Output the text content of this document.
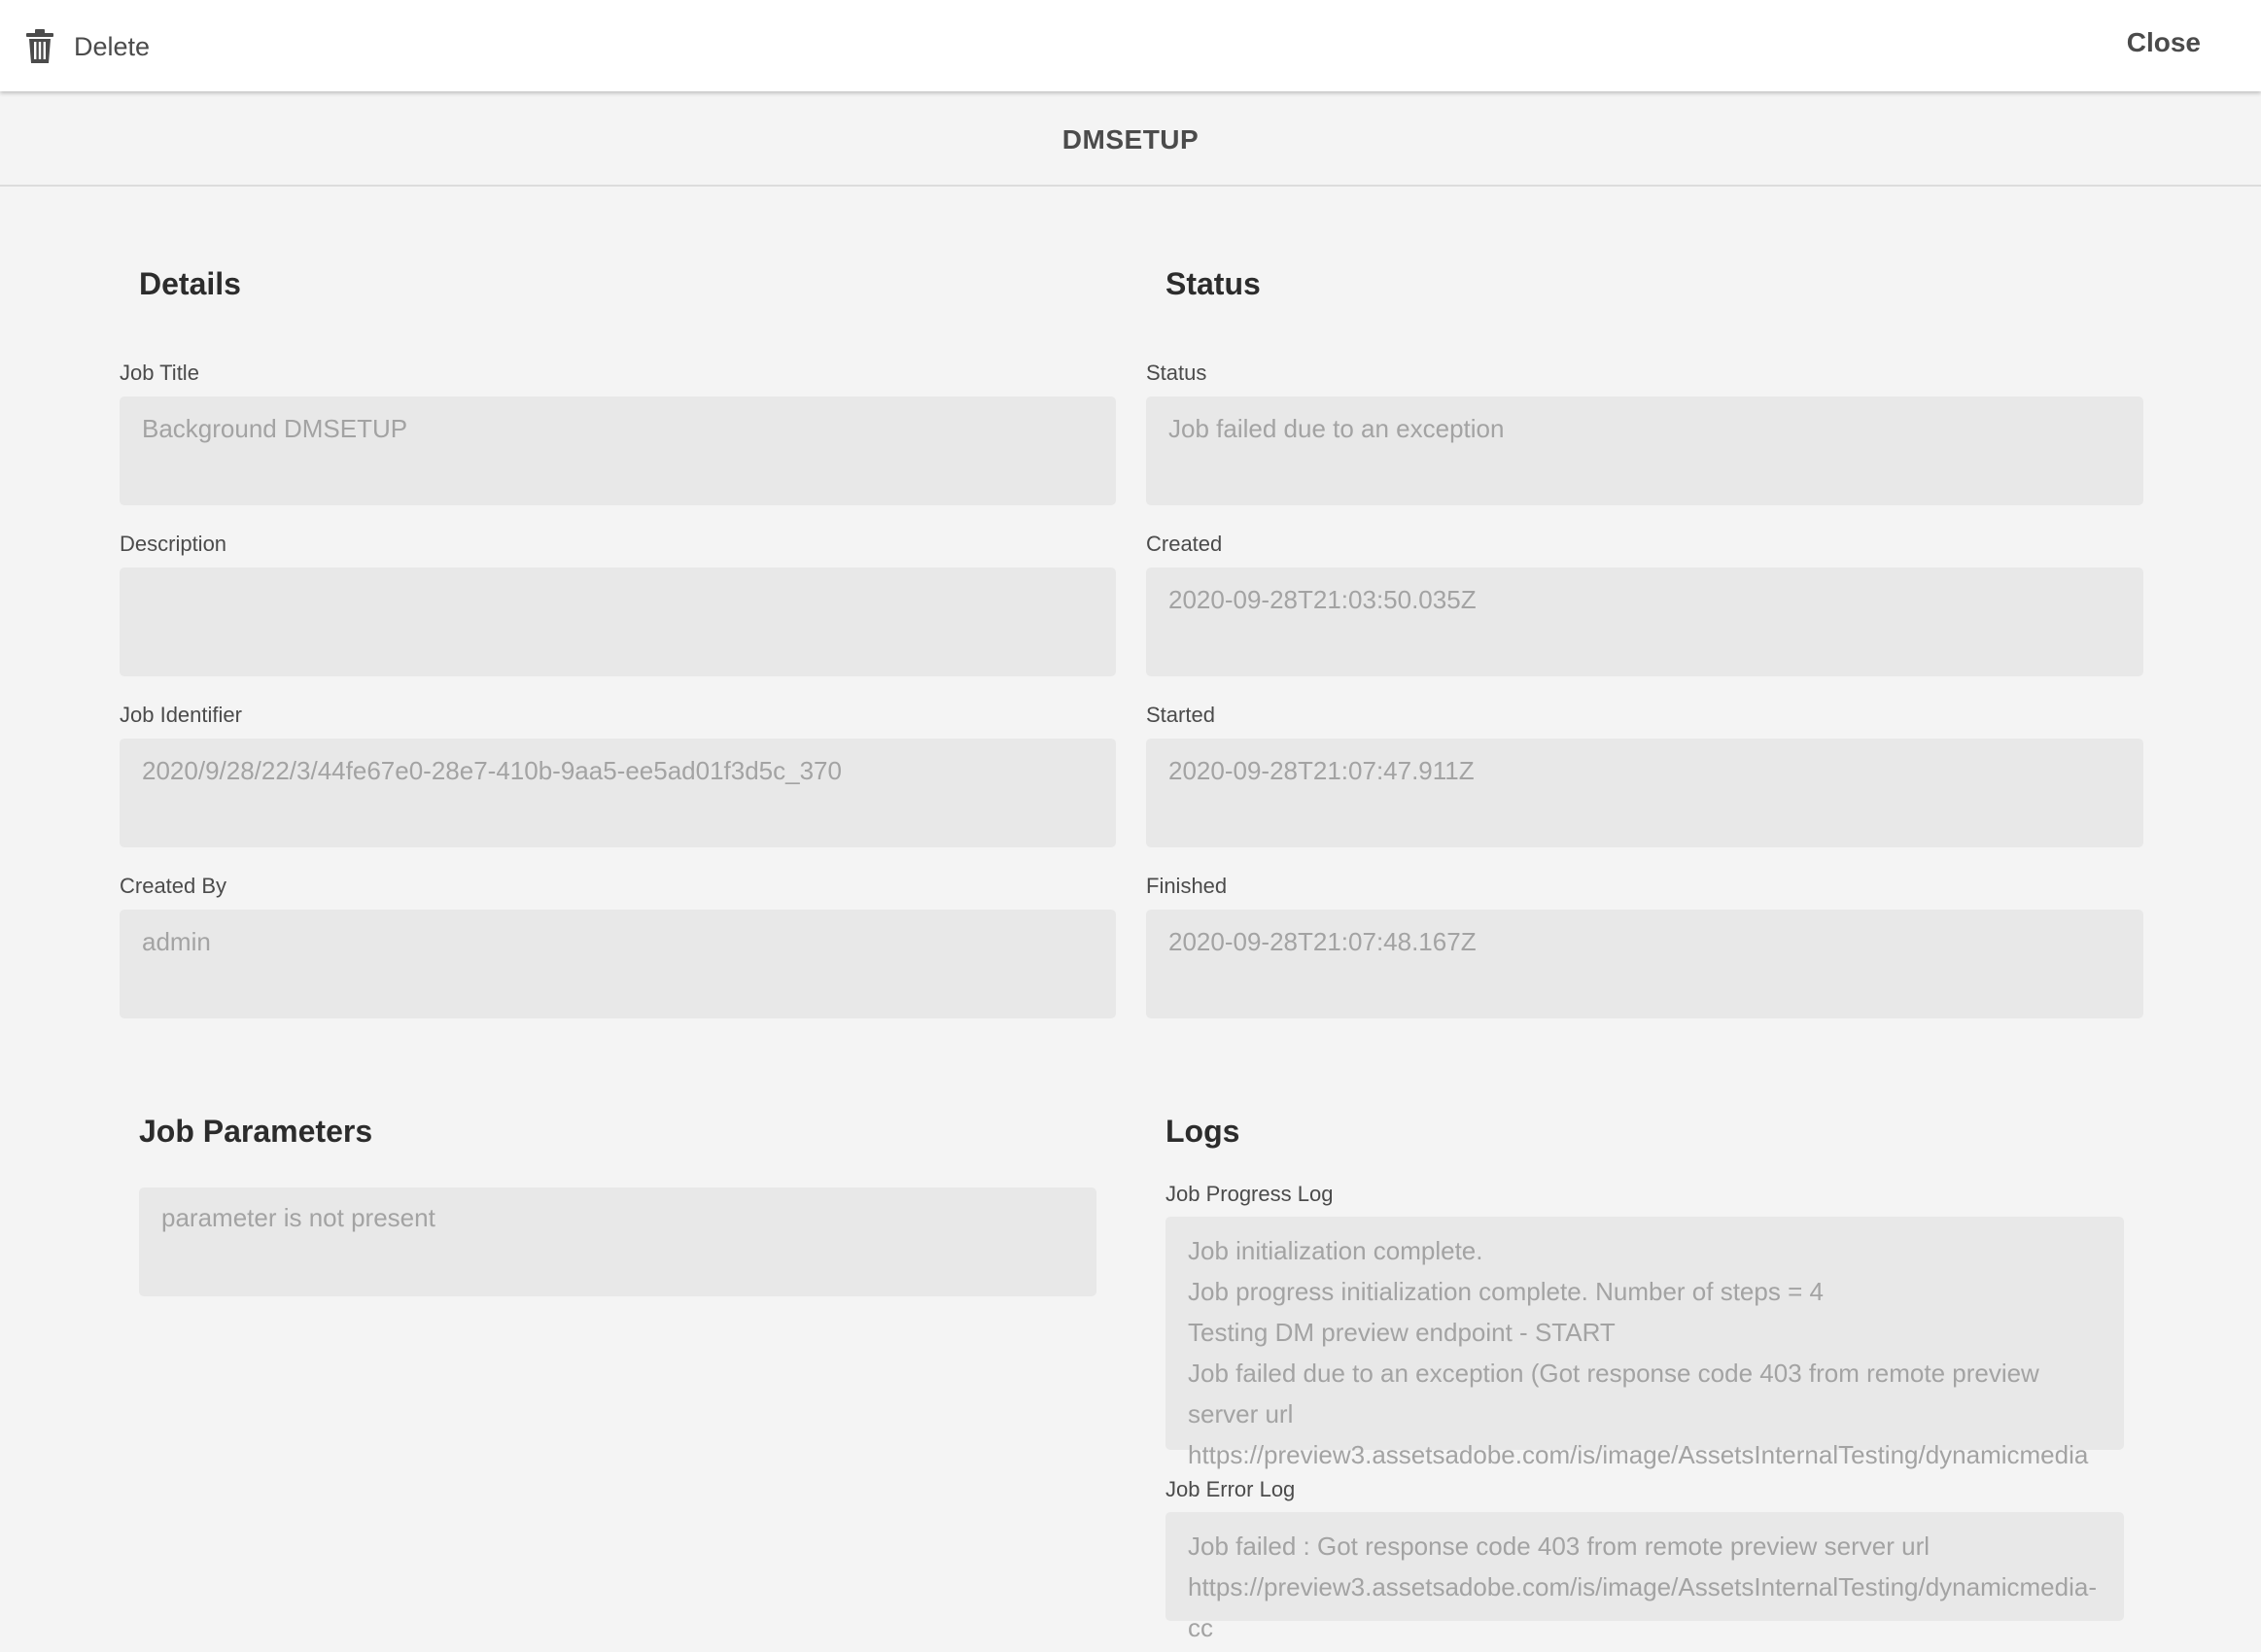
Delete	Close
DMSETUP
Details
Job Title
Background DMSETUP
Description
Job Identifier
2020/9/28/22/3/44fe67e0-28e7-410b-9aa5-ee5ad01f3d5c_370
Created By
admin
Status
Status
Job failed due to an exception
Created
2020-09-28T21:03:50.035Z
Started
2020-09-28T21:07:47.911Z
Finished
2020-09-28T21:07:48.167Z
Job Parameters
parameter is not present
Logs
Job Progress Log
Job initialization complete.
Job progress initialization complete. Number of steps = 4
Testing DM preview endpoint - START
Job failed due to an exception (Got response code 403 from remote preview server url
https://preview3.assetsadobe.com/is/image/AssetsInternalTesting/dynamicmedia
Job Error Log
Job failed : Got response code 403 from remote preview server url
https://preview3.assetsadobe.com/is/image/AssetsInternalTesting/dynamicmedia-
cc
